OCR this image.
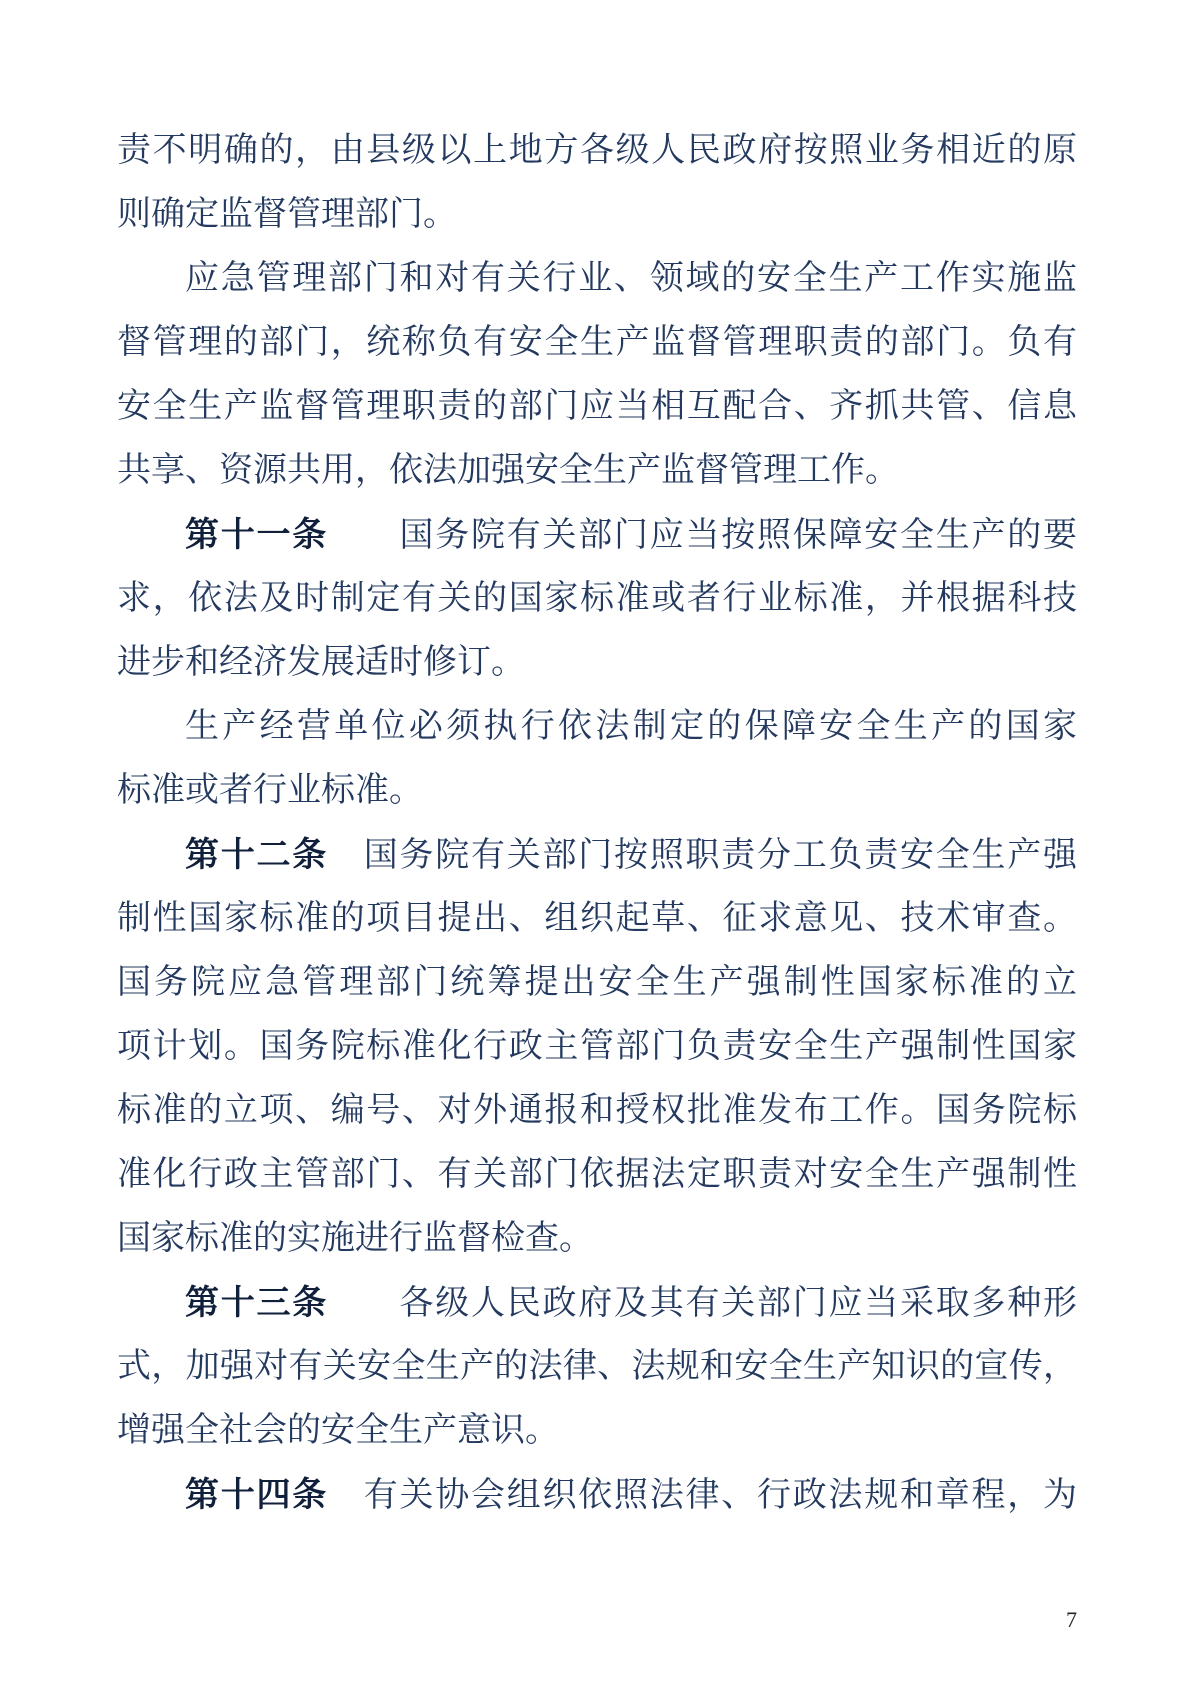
责不明确的，由县级以上地方各级人民政府按照业务相近的原
则确定监督管理部门。
应急管理部门和对有关行业、领域的安全生产工作实施监
督管理的部门，统称负有安全生产监督管理职责的部门。负有
安全生产监督管理职责的部门应当相互配合、齐抓共管、信息
共享、资源共用，依法加强安全生产监督管理工作。
第十一条　　 国务院有关部门应当按照保障安全生产的要
求，依法及时制定有关的国家标准或者行业标准，并根据科技
进步和经济发展适时修订。
生产经营单位必须执行依法制定的保障安全生产的国家
标准或者行业标准。
第十二条　 国务院有关部门按照职责分工负责安全生产强
制性国家标准的项目提出、组织起草、征求意见、技术审查。
国务院应急管理部门统筹提出安全生产强制性国家标准的立
项计划。国务院标准化行政主管部门负责安全生产强制性国家
标准的立项、编号、对外通报和授权批准发布工作。国务院标
准化行政主管部门、有关部门依据法定职责对安全生产强制性
国家标准的实施进行监督检查。
第十三条　　 各级人民政府及其有关部门应当采取多种形
式，加强对有关安全生产的法律、法规和安全生产知识的宣传，
增强全社会的安全生产意识。
第十四条　 有关协会组织依照法律、行政法规和章程，为
7
